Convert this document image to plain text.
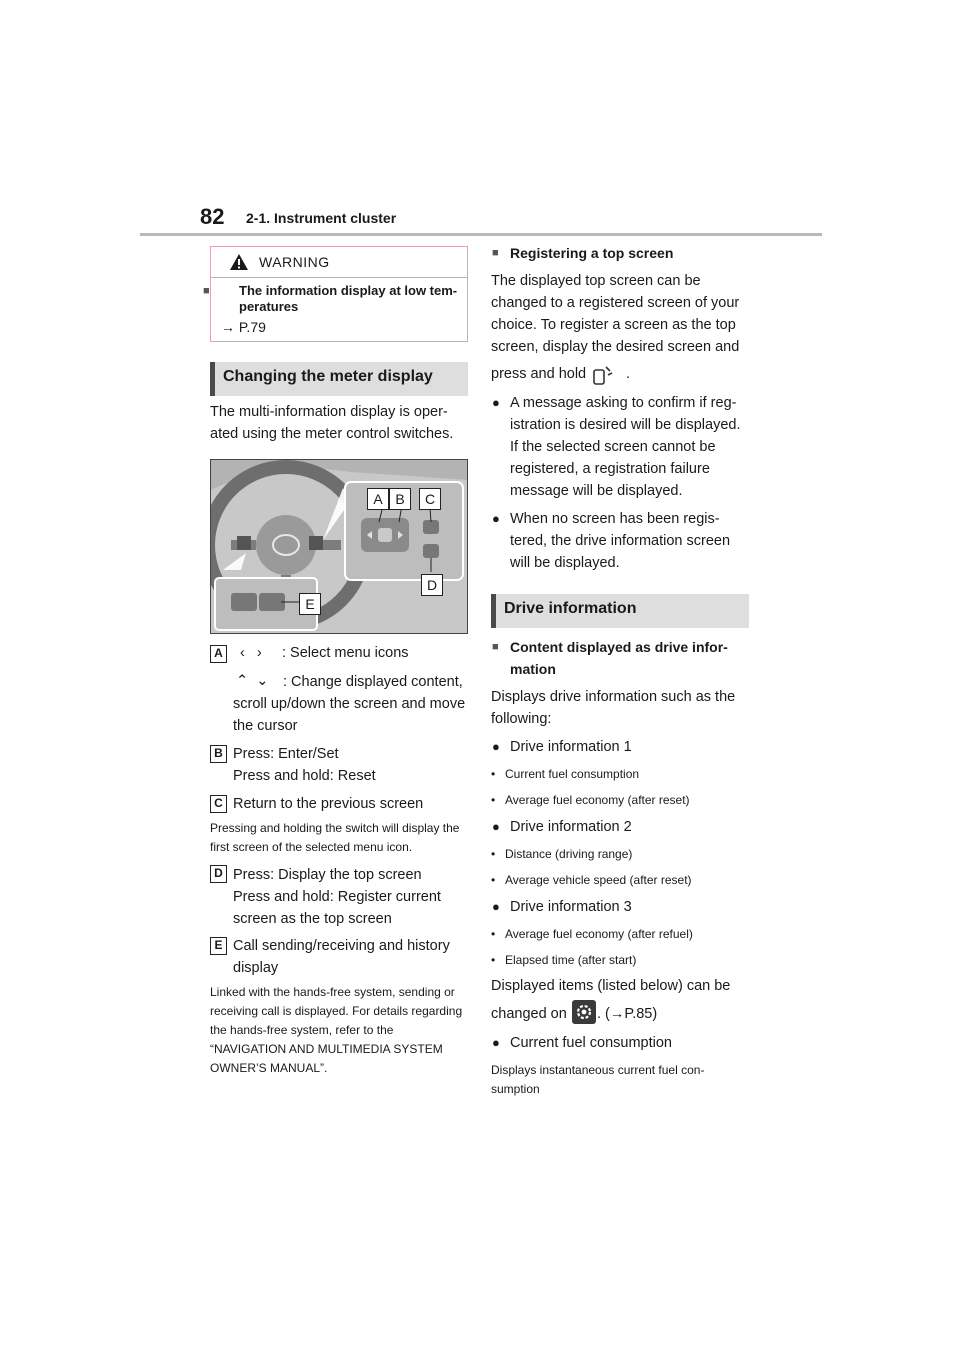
82 2-1. Instrument cluster
WARNING
■ The information display at low tem-peratures
→ P.79
Changing the meter display
The multi-information display is oper-ated using the meter control switches.
A B	C
D
E
A ‹   › : Select menu icons
⌃  ⌄	: Change displayed content, scroll up/down the screen and move the cursor
B Press: Enter/Set
Press and hold: Reset
C Return to the previous screen
Pressing and holding the switch will display the first screen of the selected menu icon.
D Press: Display the top screen
Press and hold: Register current screen as the top screen
E Call sending/receiving and history display
Linked with the hands-free system, sending or receiving call is displayed. For details regarding the hands-free system, refer to the “NAVIGATION AND MULTIMEDIA SYSTEM OWNER’S MANUAL”.
■ Registering a top screen
The displayed top screen can be changed to a registered screen of your choice. To register a screen as the top screen, display the desired screen and
press and hold	.
● A message asking to confirm if reg-istration is desired will be displayed. If the selected screen cannot be registered, a registration failure message will be displayed.
● When no screen has been regis-tered, the drive information screen will be displayed.
Drive information
■ Content displayed as drive infor-mation
Displays drive information such as the following:
● Drive information 1
• Current fuel consumption
• Average fuel economy (after reset)
● Drive information 2
• Distance (driving range)
• Average vehicle speed (after reset)
● Drive information 3
• Average fuel economy (after refuel)
• Elapsed time (after start)
Displayed items (listed below) can be
changed on . (→P.85)
● Current fuel consumption
Displays instantaneous current fuel con-sumption
